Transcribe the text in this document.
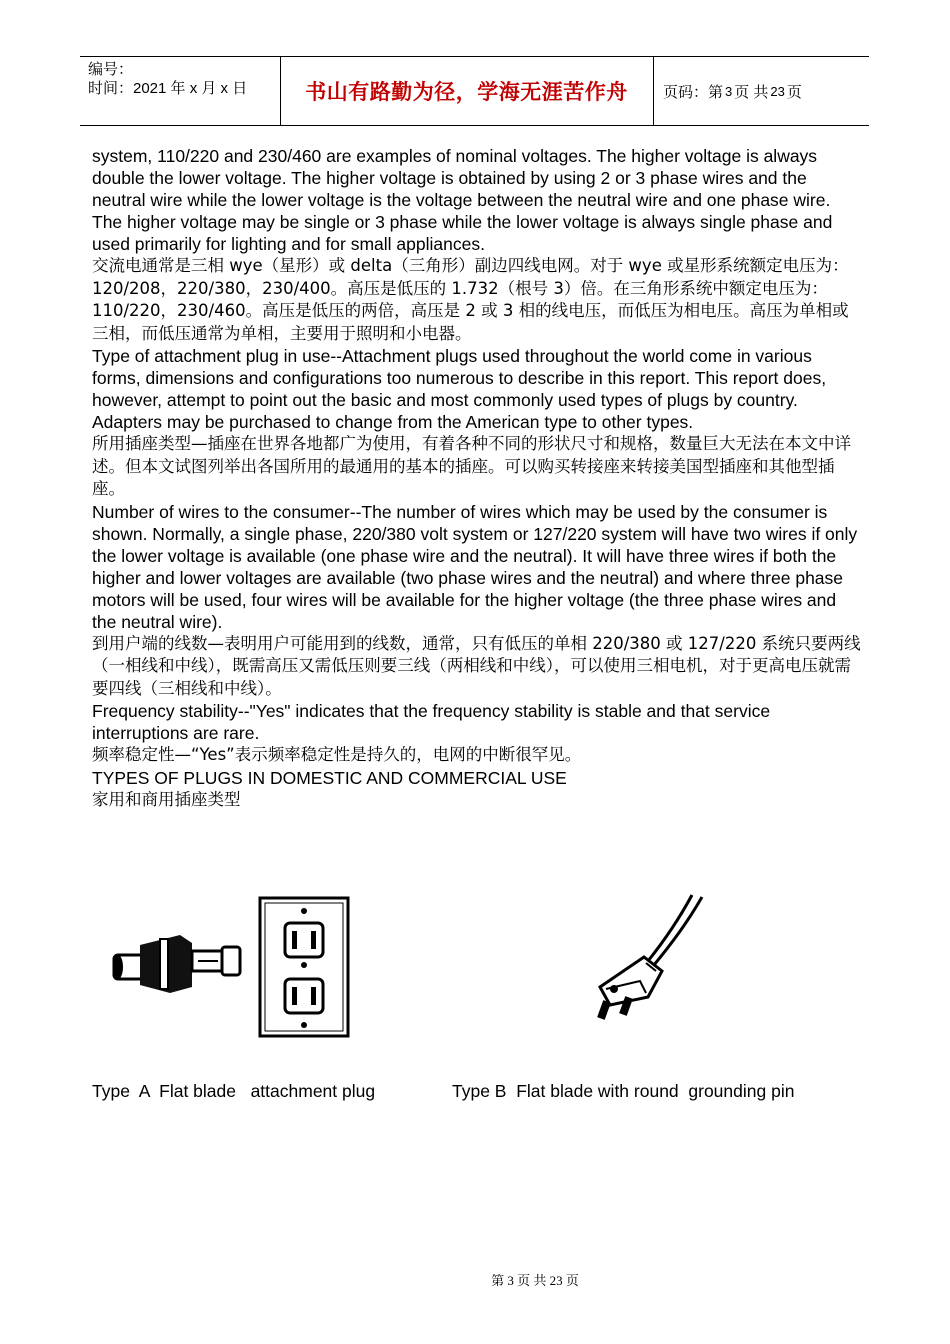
编号：
时间：2021 年 x 月 x 日	书山有路勤为径，学海无涯苦作舟	页码：第 3 页 共 23 页

system, 110/220 and 230/460 are examples of nominal voltages. The higher voltage is always double the lower voltage. The higher voltage is obtained by using 2 or 3 phase wires and the neutral wire while the lower voltage is the voltage between the neutral wire and one phase wire. The higher voltage may be single or 3 phase while the lower voltage is always single phase and used primarily for lighting and for small appliances.

交流电通常是三相 wye（星形）或 delta（三角形）副边四线电网。对于 wye 或星形系统额定电压为：120/208，220/380，230/400。高压是低压的 1.732（根号 3）倍。在三角形系统中额定电压为：110/220，230/460。高压是低压的两倍，高压是 2 或 3 相的线电压，而低压为相电压。高压为单相或三相，而低压通常为单相，主要用于照明和小电器。

Type of attachment plug in use--Attachment plugs used throughout the world come in various forms, dimensions and configurations too numerous to describe in this report. This report does, however, attempt to point out the basic and most commonly used types of plugs by country. Adapters may be purchased to change from the American type to other types.

所用插座类型—插座在世界各地都广为使用，有着各种不同的形状尺寸和规格，数量巨大无法在本文中详述。但本文试图列举出各国所用的最通用的基本的插座。可以购买转接座来转接美国型插座和其他型插座。

Number of wires to the consumer--The number of wires which may be used by the consumer is shown. Normally, a single phase, 220/380 volt system or 127/220 system will have two wires if only the lower voltage is available (one phase wire and the neutral). It will have three wires if both the higher and lower voltages are available (two phase wires and the neutral) and where three phase motors will be used, four wires will be available for the higher voltage (the three phase wires and the neutral wire).

到用户端的线数—表明用户可能用到的线数，通常，只有低压的单相 220/380 或 127/220 系统只要两线（一相线和中线），既需高压又需低压则要三线（两相线和中线），可以使用三相电机，对于更高电压就需要四线（三相线和中线）。

Frequency stability--"Yes" indicates that the frequency stability is stable and that service interruptions are rare.

频率稳定性—“Yes”表示频率稳定性是持久的，电网的中断很罕见。

TYPES OF PLUGS IN DOMESTIC AND COMMERCIAL USE

家用和商用插座类型

Type  A  Flat blade   attachment plug	Type B  Flat blade with round  grounding pin
第 3 页 共 23 页
